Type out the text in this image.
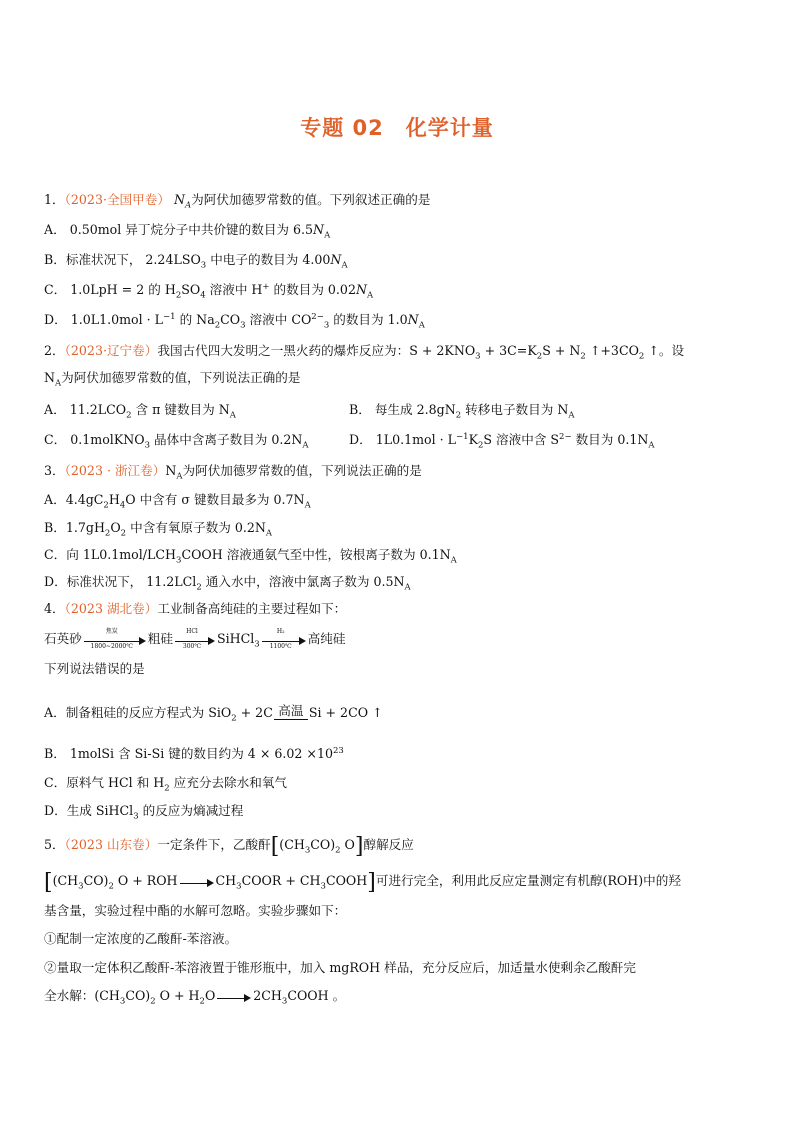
专题 02 化学计量
1．（2023·全国甲卷） $N_A$为阿伏加德罗常数的值。下列叙述正确的是
A． 0.50mol 异丁烷分子中共价键的数目为 $6.5N_A$
B．标准状况下， $2.24LSO_3$ 中电子的数目为 $4.00N_A$
C． 1.0LpH = 2 的 $H_2SO_4$ 溶液中 H+ 的数目为 $0.02N_A$
D． $1.0L1.0mol \cdot L^{-1}$ 的 $Na_2CO_3$ 溶液中 $CO^{2-}_3$ 的数目为 $1.0N_A$
2．（2023·辽宁卷）我国古代四大发明之一黑火药的爆炸反应为：$S + 2KNO_3 + 3C=K_2S + N_2$ $↑+3CO_2$ ↑。设
$N_A$为阿伏加德罗常数的值，下列说法正确的是
A． $11.2LCO_2$ 含 π 键数目为 $N_A$	B． 每生成 $2.8gN_2$ 转移电子数目为 $N_A$
C． 0.1molKNO$_3$ 晶体中含离子数目为 $0.2N_A$	D． $1L0.1mol \cdot L^{-1}K_2S$ 溶液中含 $S^{2-}$ 数目为 $0.1N_A$
3．（2023 · 浙江卷）$N_A$为阿伏加德罗常数的值，下列说法正确的是
A．$4.4gC_2H_4O$ 中含有 σ 键数目最多为 $0.7N_A$
B．$1.7gH_2O_2$ 中含有氧原子数为 $0.2N_A$
C．向 $1L0.1mol/LCH_3COOH$ 溶液通氨气至中性，铵根离子数为 $0.1N_A$
D．标准状况下， 11.2LCl$_2$ 通入水中，溶液中氯离子数为 $0.5N_A$
4．（2023 湖北卷）工业制备高纯硅的主要过程如下：
石英砂	焦炭
1800~2000℃	粗硅	HCl
300℃	SiHCl$_3$ $\frac{\text{H₂}}{1100℃}$ 高纯硅
下列说法错误的是
A．制备粗硅的反应方程式为 SiO$_2$ + 2C 高温 Si + 2CO ↑
B． 1molSi 含 Si-Si 键的数目约为 $4 \times 6.02 \times 10^{23}$
C．原料气 HCl 和 $H_2$ 应充分去除水和氧气
D．生成 SiHCl$_3$ 的反应为熵减过程
5．（2023 山东卷）一定条件下，乙酸酐[$(CH_3CO)_2$ O]醇解反应
[$(CH_3CO)_2$ O + ROH	$CH_3COOR$ + $CH_3COOH$]可进行完全，利用此反应定量测定有机醇(ROH)中的羟
基含量，实验过程中酯的水解可忽略。实验步骤如下：
①配制一定浓度的乙酸酐-苯溶液。
②量取一定体积乙酸酐-苯溶液置于锥形瓶中，加入 mgROH 样品，充分反应后，加适量水使剩余乙酸酐完
全水解：$(CH_3CO)_2$ $O + H_2O$	$2CH_3COOH$ 。
